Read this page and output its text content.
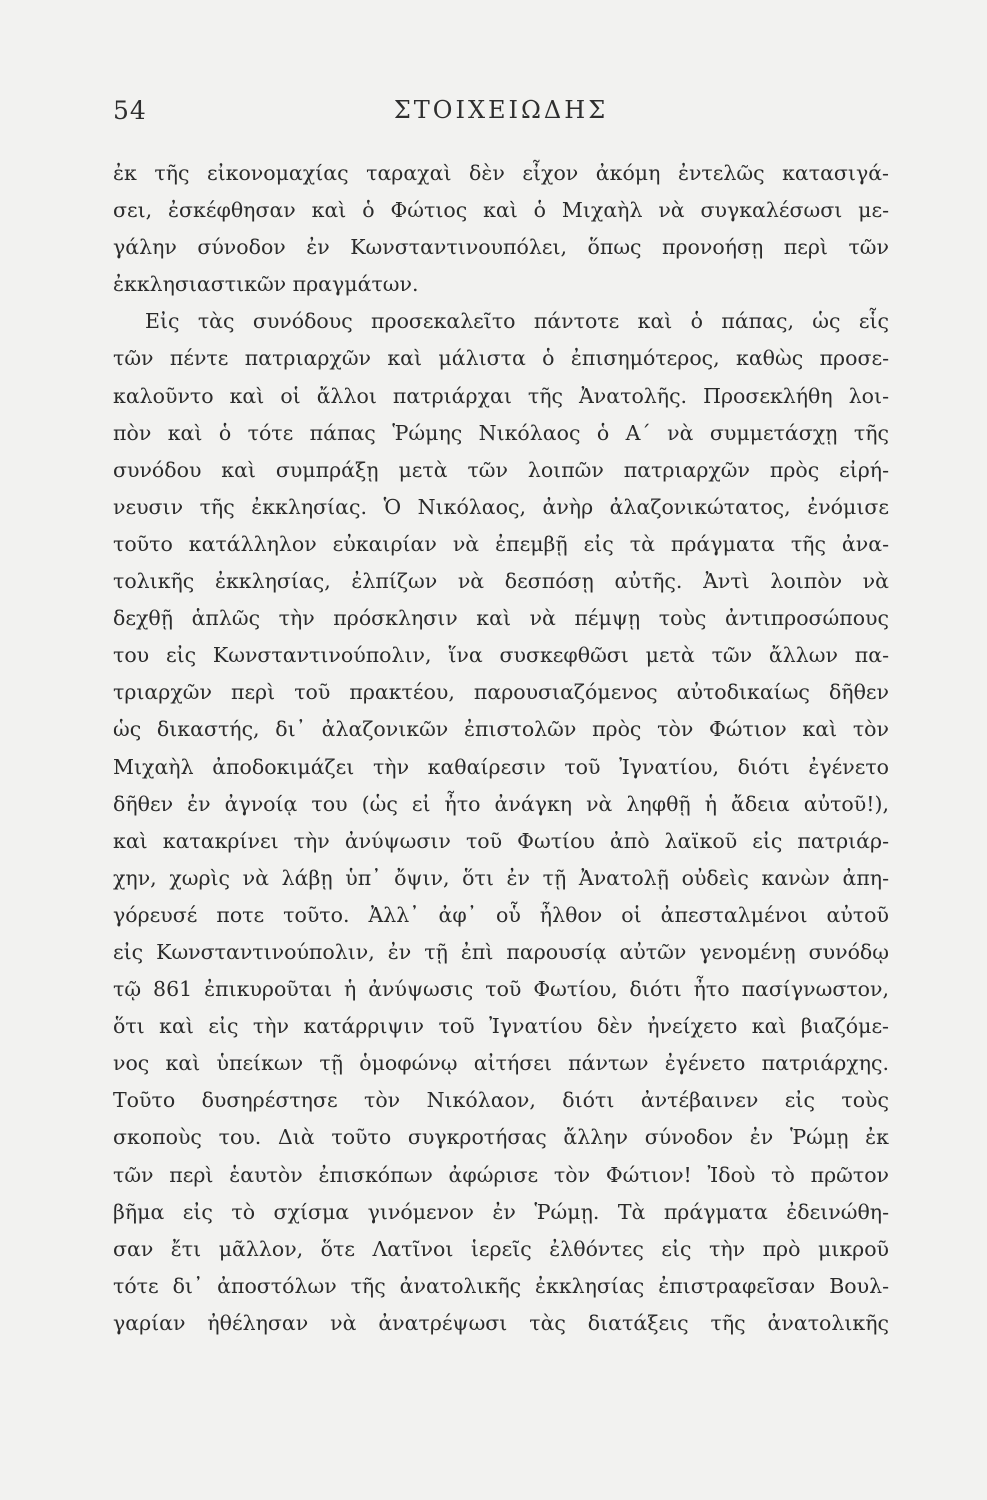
54	ΣΤΟΙΧΕΙΩΔΗΣ
ἐκ τῆς εἰκονομαχίας ταραχαὶ δὲν εἶχον ἀκόμη ἐντελῶς κατασιγά-
σει, ἐσκέφθησαν καὶ ὁ Φώτιος καὶ ὁ Μιχαὴλ νὰ συγκαλέσωσι με-
γάλην σύνοδον ἐν Κωνσταντινουπόλει, ὅπως προνοήσῃ περὶ τῶν
ἐκκλησιαστικῶν πραγμάτων.
Εἰς τὰς συνόδους προσεκαλεῖτο πάντοτε καὶ ὁ πάπας, ὡς εἷς
τῶν πέντε πατριαρχῶν καὶ μάλιστα ὁ ἐπισημότερος, καθὼς προσε-
καλοῦντο καὶ οἱ ἄλλοι πατριάρχαι τῆς Ἀνατολῆς. Προσεκλήθη λοι-
πὸν καὶ ὁ τότε πάπας Ῥώμης Νικόλαος ὁ Α΄ νὰ συμμετάσχῃ τῆς
συνόδου καὶ συμπράξῃ μετὰ τῶν λοιπῶν πατριαρχῶν πρὸς εἰρή-
νευσιν τῆς ἐκκλησίας. Ὁ Νικόλαος, ἀνὴρ ἀλαζονικώτατος, ἐνόμισε
τοῦτο κατάλληλον εὐκαιρίαν νὰ ἐπεμβῇ εἰς τὰ πράγματα τῆς ἀνα-
τολικῆς ἐκκλησίας, ἐλπίζων νὰ δεσπόσῃ αὐτῆς. Ἀντὶ λοιπὸν νὰ
δεχθῇ ἁπλῶς τὴν πρόσκλησιν καὶ νὰ πέμψῃ τοὺς ἀντιπροσώπους
του εἰς Κωνσταντινούπολιν, ἵνα συσκεφθῶσι μετὰ τῶν ἄλλων πα-
τριαρχῶν περὶ τοῦ πρακτέου, παρουσιαζόμενος αὐτοδικαίως δῆθεν
ὡς δικαστής, δι᾽ ἀλαζονικῶν ἐπιστολῶν πρὸς τὸν Φώτιον καὶ τὸν
Μιχαὴλ ἀποδοκιμάζει τὴν καθαίρεσιν τοῦ Ἰγνατίου, διότι ἐγένετο
δῆθεν ἐν ἀγνοίᾳ του (ὡς εἰ ἦτο ἀνάγκη νὰ ληφθῇ ἡ ἄδεια αὐτοῦ!),
καὶ κατακρίνει τὴν ἀνύψωσιν τοῦ Φωτίου ἀπὸ λαϊκοῦ εἰς πατριάρ-
χην, χωρὶς νὰ λάβῃ ὑπ᾽ ὄψιν, ὅτι ἐν τῇ Ἀνατολῇ οὐδεὶς κανὼν ἀπη-
γόρευσέ ποτε τοῦτο. Ἀλλ᾽ ἀφ᾽ οὗ ἦλθον οἱ ἀπεσταλμένοι αὐτοῦ
εἰς Κωνσταντινούπολιν, ἐν τῇ ἐπὶ παρουσίᾳ αὐτῶν γενομένῃ συνόδῳ
τῷ 861 ἐπικυροῦται ἡ ἀνύψωσις τοῦ Φωτίου, διότι ἦτο πασίγνωστον,
ὅτι καὶ εἰς τὴν κατάρριψιν τοῦ Ἰγνατίου δὲν ἠνείχετο καὶ βιαζόμε-
νος καὶ ὑπείκων τῇ ὁμοφώνῳ αἰτήσει πάντων ἐγένετο πατριάρχης.
Τοῦτο δυσηρέστησε τὸν Νικόλαον, διότι ἀντέβαινεν εἰς τοὺς
σκοποὺς του. Διὰ τοῦτο συγκροτήσας ἄλλην σύνοδον ἐν Ῥώμῃ ἐκ
τῶν περὶ ἑαυτὸν ἐπισκόπων ἀφώρισε τὸν Φώτιον! Ἰδοὺ τὸ πρῶτον
βῆμα εἰς τὸ σχίσμα γινόμενον ἐν Ῥώμῃ. Τὰ πράγματα ἐδεινώθη-
σαν ἔτι μᾶλλον, ὅτε Λατῖνοι ἱερεῖς ἐλθόντες εἰς τὴν πρὸ μικροῦ
τότε δι᾽ ἀποστόλων τῆς ἀνατολικῆς ἐκκλησίας ἐπιστραφεῖσαν Βουλ-
γαρίαν ἠθέλησαν νὰ ἀνατρέψωσι τὰς διατάξεις τῆς ἀνατολικῆς
